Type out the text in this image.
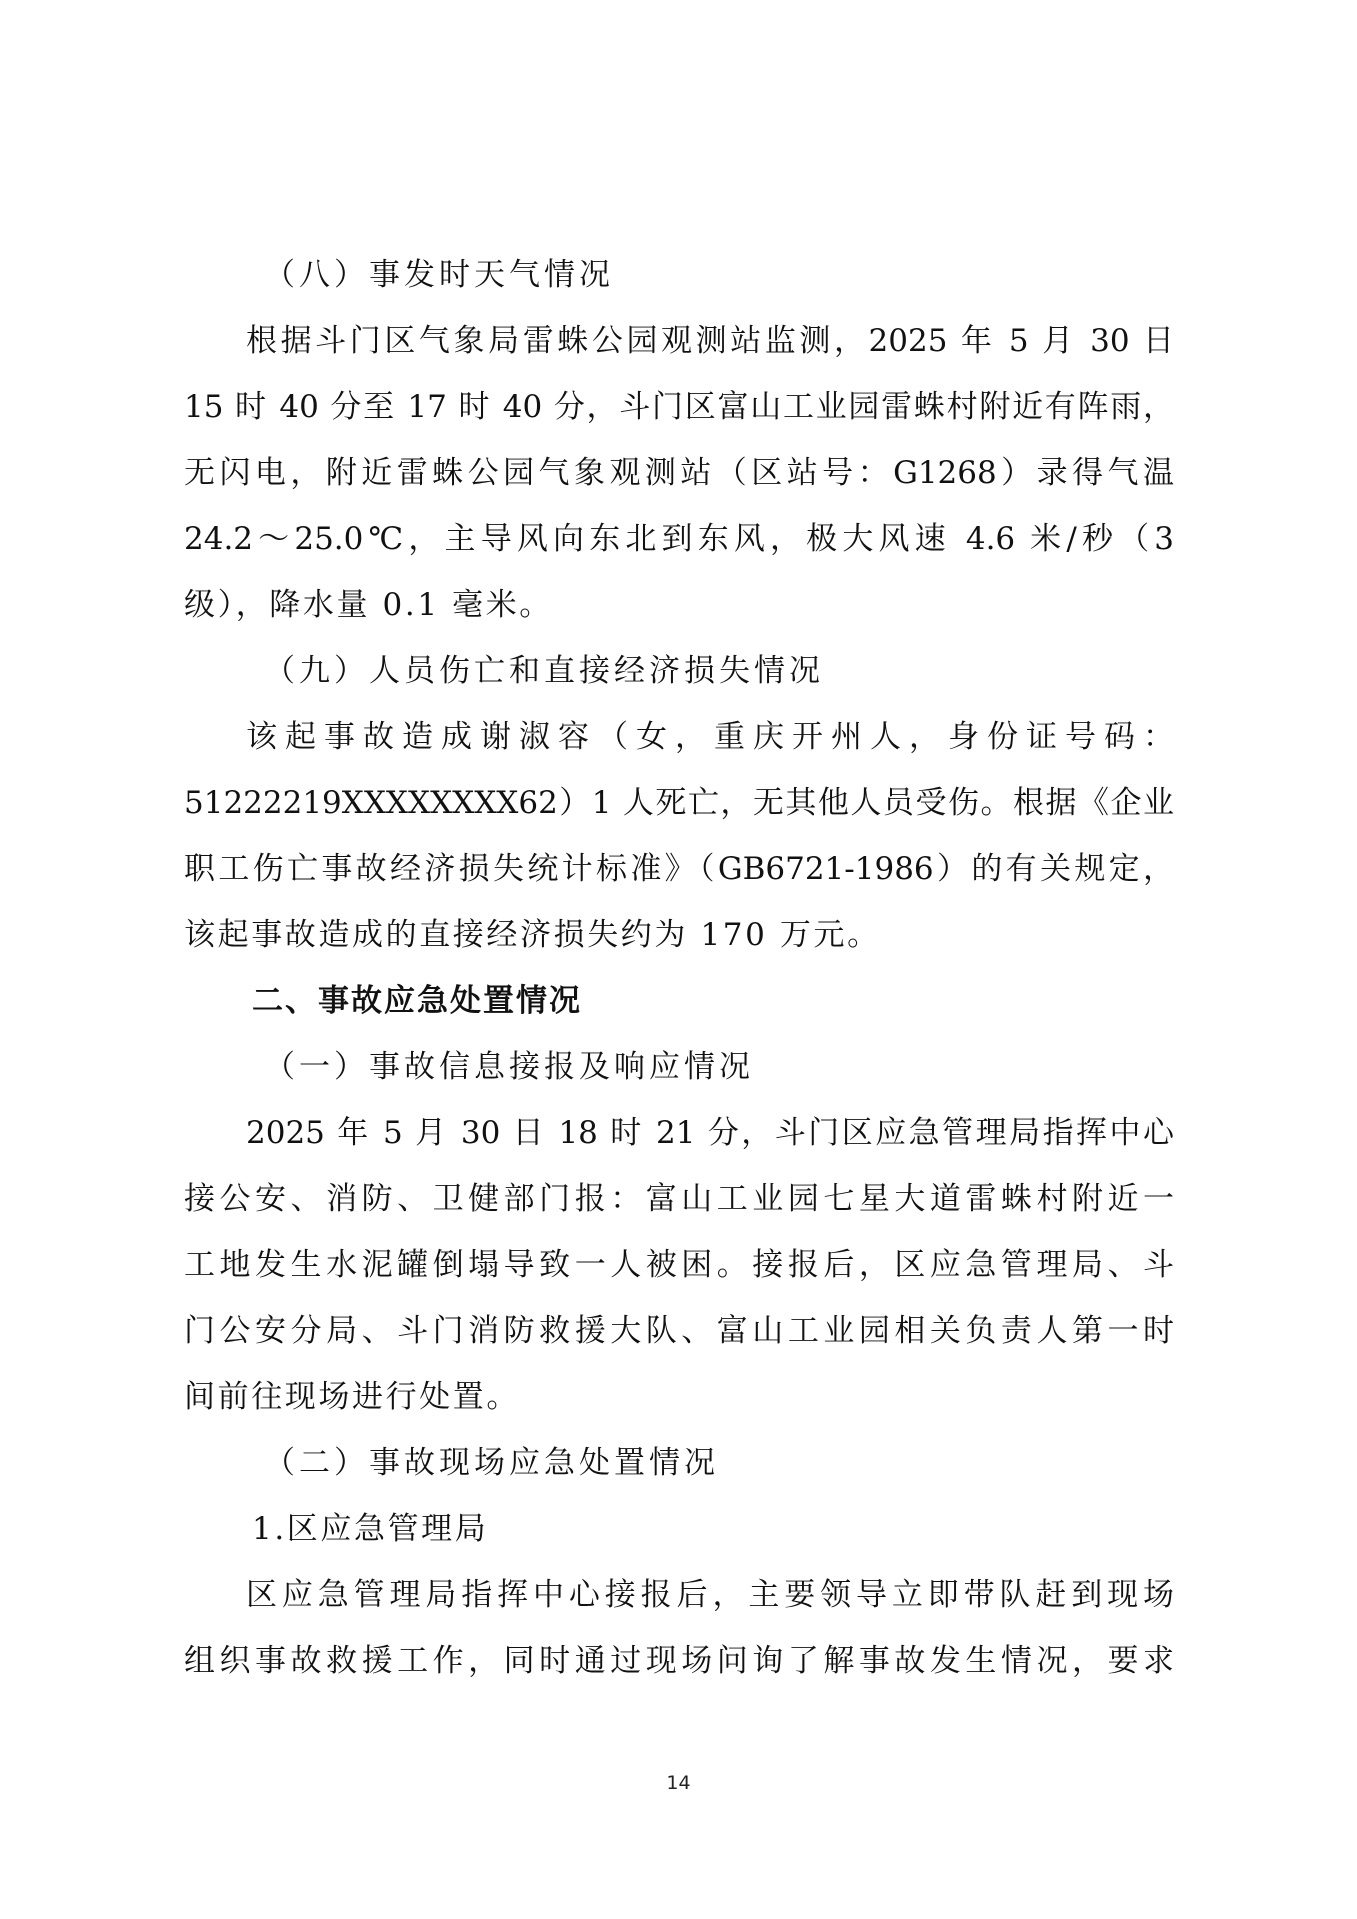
（八）事发时天气情况
根据斗门区气象局雷蛛公园观测站监测，2025 年 5 月 30 日
15 时 40 分至 17 时 40 分，斗门区富山工业园雷蛛村附近有阵雨，
无闪电，附近雷蛛公园气象观测站（区站号：G1268）录得气温
24.2～25.0℃，主导风向东北到东风，极大风速 4.6 米/秒（3
级），降水量 0.1 毫米。
（九）人员伤亡和直接经济损失情况
该起事故造成谢淑容（女，重庆开州人，身份证号码：
51222219XXXXXXXX62）1 人死亡，无其他人员受伤。根据《企业
职工伤亡事故经济损失统计标准》（GB6721-1986）的有关规定，
该起事故造成的直接经济损失约为 170 万元。
二、事故应急处置情况
（一）事故信息接报及响应情况
2025 年 5 月 30 日 18 时 21 分，斗门区应急管理局指挥中心
接公安、消防、卫健部门报：富山工业园七星大道雷蛛村附近一
工地发生水泥罐倒塌导致一人被困。接报后，区应急管理局、斗
门公安分局、斗门消防救援大队、富山工业园相关负责人第一时
间前往现场进行处置。
（二）事故现场应急处置情况
1.区应急管理局
区应急管理局指挥中心接报后，主要领导立即带队赶到现场
组织事故救援工作，同时通过现场问询了解事故发生情况，要求
14
